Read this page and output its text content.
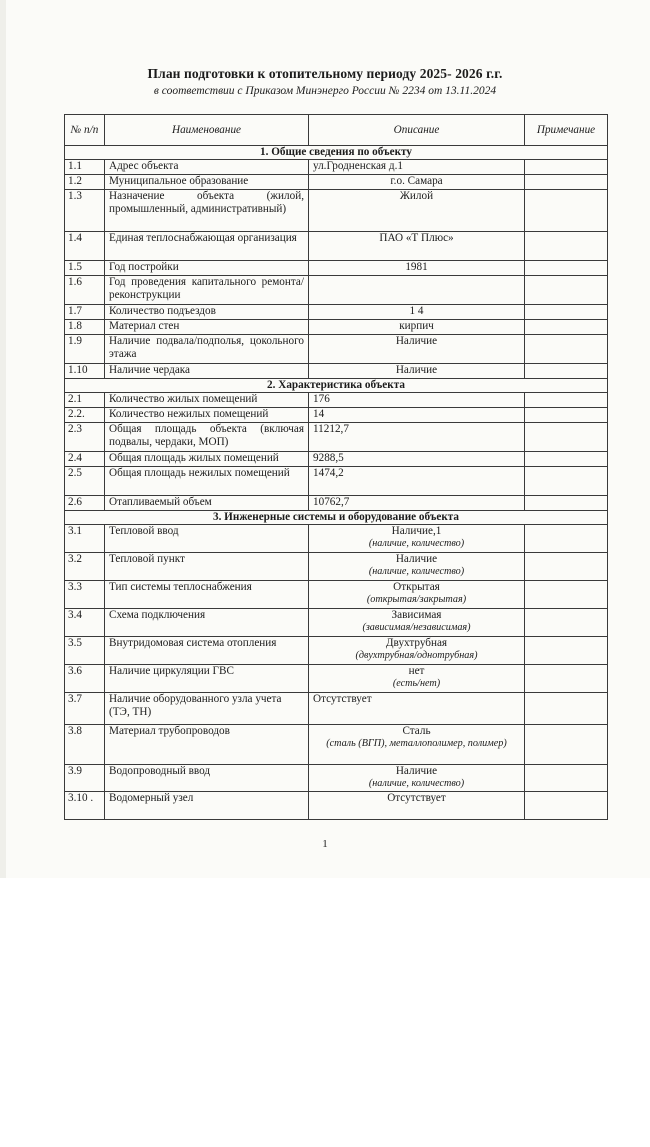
План подготовки к отопительному периоду 2025- 2026 г.г.
в соответствии с Приказом Минэнерго России № 2234 от 13.11.2024
№ п/п	Наименование	Описание	Примечание
1. Общие сведения по объекту			
1.1	Адрес объекта	ул.Гродненская д.1	
1.2	Муниципальное образование	г.о. Самара	
1.3	Назначение объекта (жилой, промышленный, административный)	Жилой	
1.4	Единая теплоснабжающая организация	ПАО «Т Плюс»	
1.5	Год постройки	1981	
1.6	Год проведения капитального ремонта/реконструкции		
1.7	Количество подъездов	1 4	
1.8	Материал стен	кирпич	
1.9	Наличие подвала/подполья, цокольного этажа	Наличие	
1.10	Наличие чердака	Наличие	
2. Характеристика объекта			
2.1	Количество жилых помещений	176	
2.2.	Количество нежилых помещений	14	
2.3	Общая площадь объекта (включая подвалы, чердаки, МОП)	11212,7	
2.4	Общая площадь жилых помещений	9288,5	
2.5	Общая площадь нежилых помещений	1474,2	
2.6	Отапливаемый объем	10762,7	
3. Инженерные системы и оборудование объекта			
3.1	Тепловой ввод	Наличие,1
(наличие, количество)	

3.2	Тепловой пункт	Наличие
(наличие, количество)	

3.3	Тип системы теплоснабжения	Открытая
(открытая/закрытая)	

3.4	Схема подключения	Зависимая
(зависимая/независимая)	

3.5	Внутридомовая система отопления	Двухтрубная
(двухтрубная/однотрубная)	

3.6	Наличие циркуляции ГВС	нет
(есть/нет)	

3.7	Наличие оборудованного узла учета (ТЭ, ТН)	Отсутствует	
3.8	Материал трубопроводов	Сталь
(сталь (ВГП), металлополимер, полимер)	

3.9	Водопроводный ввод	Наличие
(наличие, количество)	

3.10 .	Водомерный узел	Отсутствует	
1
